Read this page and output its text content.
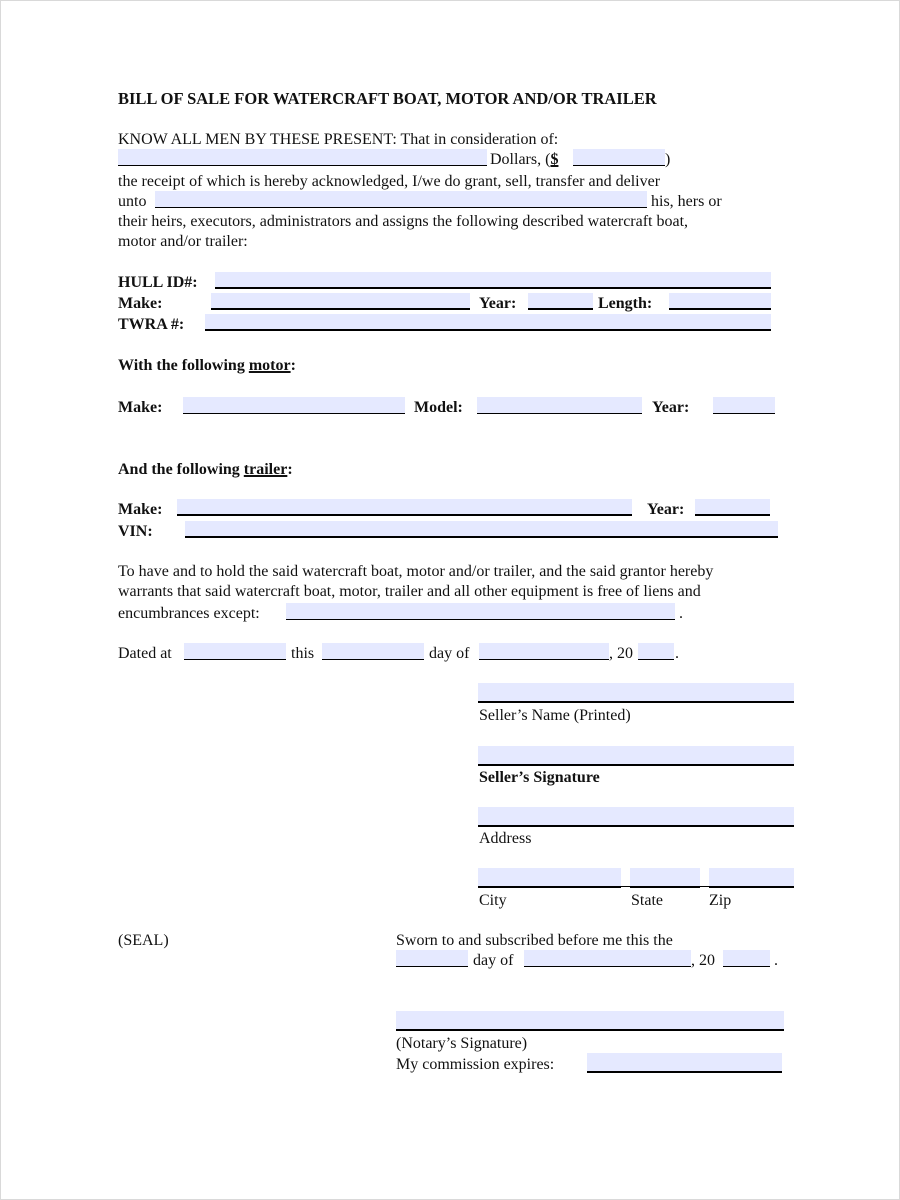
BILL OF SALE FOR WATERCRAFT BOAT, MOTOR AND/OR TRAILER
KNOW ALL MEN BY THESE PRESENT: That in consideration of:
Dollars, ($	)
the receipt of which is hereby acknowledged, I/we do grant, sell, transfer and deliver
unto	his, hers or
their heirs, executors, administrators and assigns the following described watercraft boat,
motor and/or trailer:
HULL ID#:
Make:	Year:	Length:
TWRA #:
With the following motor:
Make:	Model:	Year:
And the following trailer:
Make:	Year:
VIN:
To have and to hold the said watercraft boat, motor and/or trailer, and the said grantor hereby
warrants that said watercraft boat, motor, trailer and all other equipment is free of liens and
encumbrances except:	.
Dated at	this	day of	, 20	.
Seller’s Name (Printed)
Seller’s Signature
Address
City	State	Zip
(SEAL)	Sworn to and subscribed before me this the
day of	, 20	.
(Notary’s Signature)
My commission expires:
